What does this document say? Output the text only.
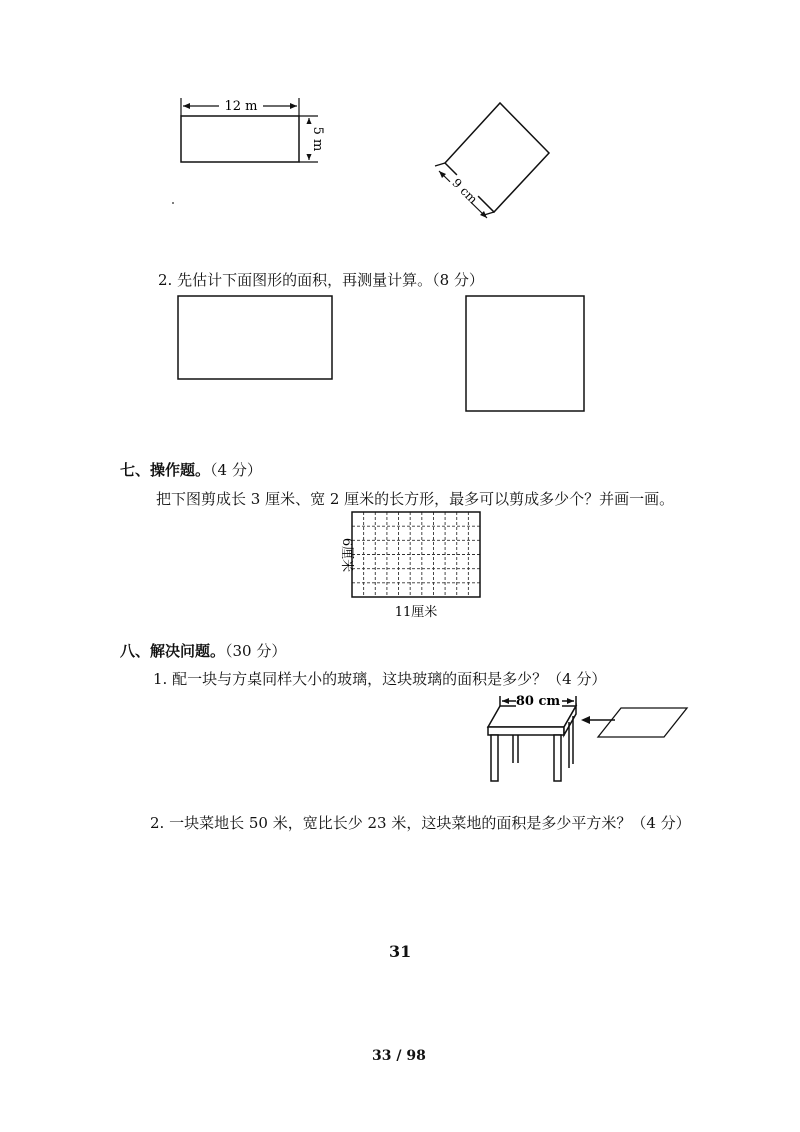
12 m
5 m
9 cm
2. 先估计下面图形的面积，再测量计算。（8 分）
七、操作题。（4 分）
把下图剪成长 3 厘米、宽 2 厘米的长方形，最多可以剪成多少个？并画一画。
6厘米
11厘米
八、解决问题。（30 分）
1. 配一块与方桌同样大小的玻璃，这块玻璃的面积是多少？（4 分）
80 cm
2. 一块菜地长 50 米，宽比长少 23 米，这块菜地的面积是多少平方米？（4 分）
31
33 / 98
